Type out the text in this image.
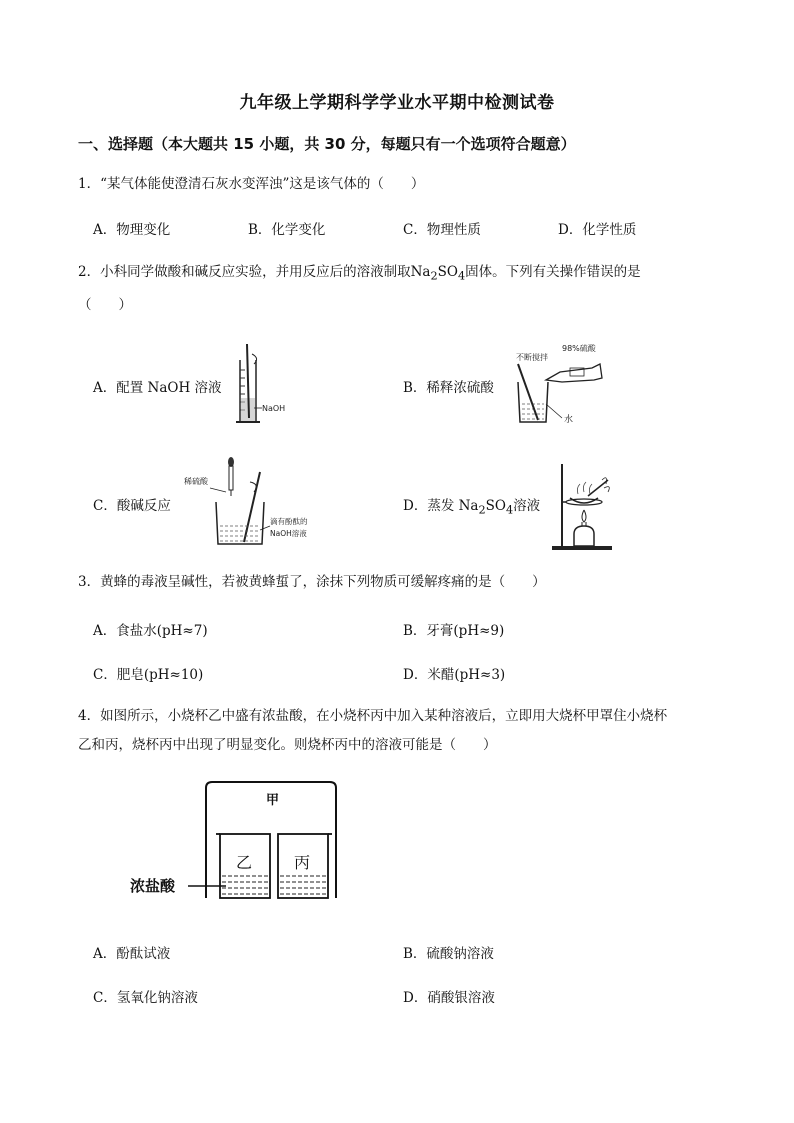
九年级上学期科学学业水平期中检测试卷
一、选择题（本大题共 15 小题，共 30 分，每题只有一个选项符合题意）
1．“某气体能使澄清石灰水变浑浊”这是该气体的（　　）
A．物理变化	B．化学变化	C．物理性质	D．化学性质
2．小科同学做酸和碱反应实验，并用反应后的溶液制取$Na_2SO_4$固体。下列有关操作错误的是
（　　）
A．配置 NaOH 溶液	B．稀释浓硫酸
C．酸碱反应	D．蒸发 $Na_2SO_4$溶液
NaOH
不断搅拌
98%硫酸
水
稀硫酸
滴有酚酞的
NaOH溶液
3．黄蜂的毒液呈碱性，若被黄蜂蜇了，涂抹下列物质可缓解疼痛的是（　　）
A．食盐水(pH≈7)	B．牙膏(pH≈9)
C．肥皂(pH≈10)	D．米醋(pH≈3)
4．如图所示，小烧杯乙中盛有浓盐酸，在小烧杯丙中加入某种溶液后，立即用大烧杯甲罩住小烧杯
乙和丙，烧杯丙中出现了明显变化。则烧杯丙中的溶液可能是（　　）
甲
乙	丙
浓盐酸
A．酚酞试液	B．硫酸钠溶液
C．氢氧化钠溶液	D．硝酸银溶液
